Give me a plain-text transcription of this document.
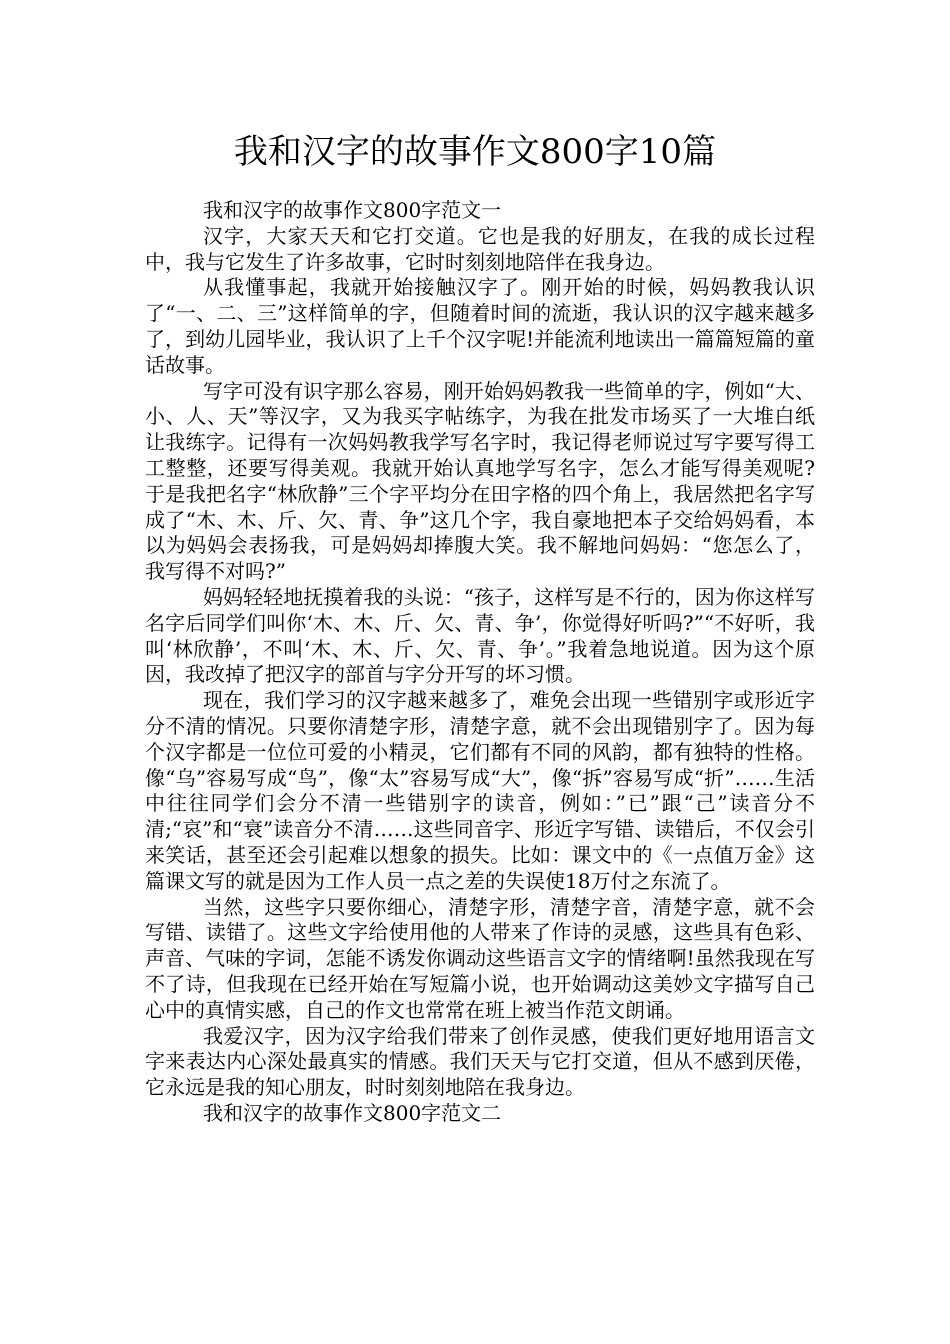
我和汉字的故事作文800字10篇

我和汉字的故事作文800字范文一

汉字，大家天天和它打交道。它也是我的好朋友，在我的成长过程中，我与它发生了许多故事，它时时刻刻地陪伴在我身边。

从我懂事起，我就开始接触汉字了。刚开始的时候，妈妈教我认识了“一、二、三”这样简单的字，但随着时间的流逝，我认识的汉字越来越多了，到幼儿园毕业，我认识了上千个汉字呢!并能流利地读出一篇篇短篇的童话故事。

写字可没有识字那么容易，刚开始妈妈教我一些简单的字，例如“大、小、人、天”等汉字，又为我买字帖练字，为我在批发市场买了一大堆白纸让我练字。记得有一次妈妈教我学写名字时，我记得老师说过写字要写得工工整整，还要写得美观。我就开始认真地学写名字，怎么才能写得美观呢?于是我把名字“林欣静”三个字平均分在田字格的四个角上，我居然把名字写成了“木、木、斤、欠、青、争”这几个字，我自豪地把本子交给妈妈看，本以为妈妈会表扬我，可是妈妈却捧腹大笑。我不解地问妈妈：“您怎么了，我写得不对吗?”

妈妈轻轻地抚摸着我的头说：“孩子，这样写是不行的，因为你这样写名字后同学们叫你‘木、木、斤、欠、青、争’，你觉得好听吗?”“不好听，我叫‘林欣静’，不叫‘木、木、斤、欠、青、争’。”我着急地说道。因为这个原因，我改掉了把汉字的部首与字分开写的坏习惯。

现在，我们学习的汉字越来越多了，难免会出现一些错别字或形近字分不清的情况。只要你清楚字形，清楚字意，就不会出现错别字了。因为每个汉字都是一位位可爱的小精灵，它们都有不同的风韵，都有独特的性格。像“乌”容易写成“鸟”，像“太”容易写成“大”，像“拆”容易写成“折”……生活中往往同学们会分不清一些错别字的读音，例如：”已”跟“己”读音分不清;“哀”和“衰”读音分不清……这些同音字、形近字写错、读错后，不仅会引来笑话，甚至还会引起难以想象的损失。比如：课文中的《一点值万金》这篇课文写的就是因为工作人员一点之差的失误使18万付之东流了。

当然，这些字只要你细心，清楚字形，清楚字音，清楚字意，就不会写错、读错了。这些文字给使用他的人带来了作诗的灵感，这些具有色彩、声音、气味的字词，怎能不诱发你调动这些语言文字的情绪啊!虽然我现在写不了诗，但我现在已经开始在写短篇小说，也开始调动这美妙文字描写自己心中的真情实感，自己的作文也常常在班上被当作范文朗诵。

我爱汉字，因为汉字给我们带来了创作灵感，使我们更好地用语言文字来表达内心深处最真实的情感。我们天天与它打交道，但从不感到厌倦，它永远是我的知心朋友，时时刻刻地陪在我身边。

我和汉字的故事作文800字范文二
